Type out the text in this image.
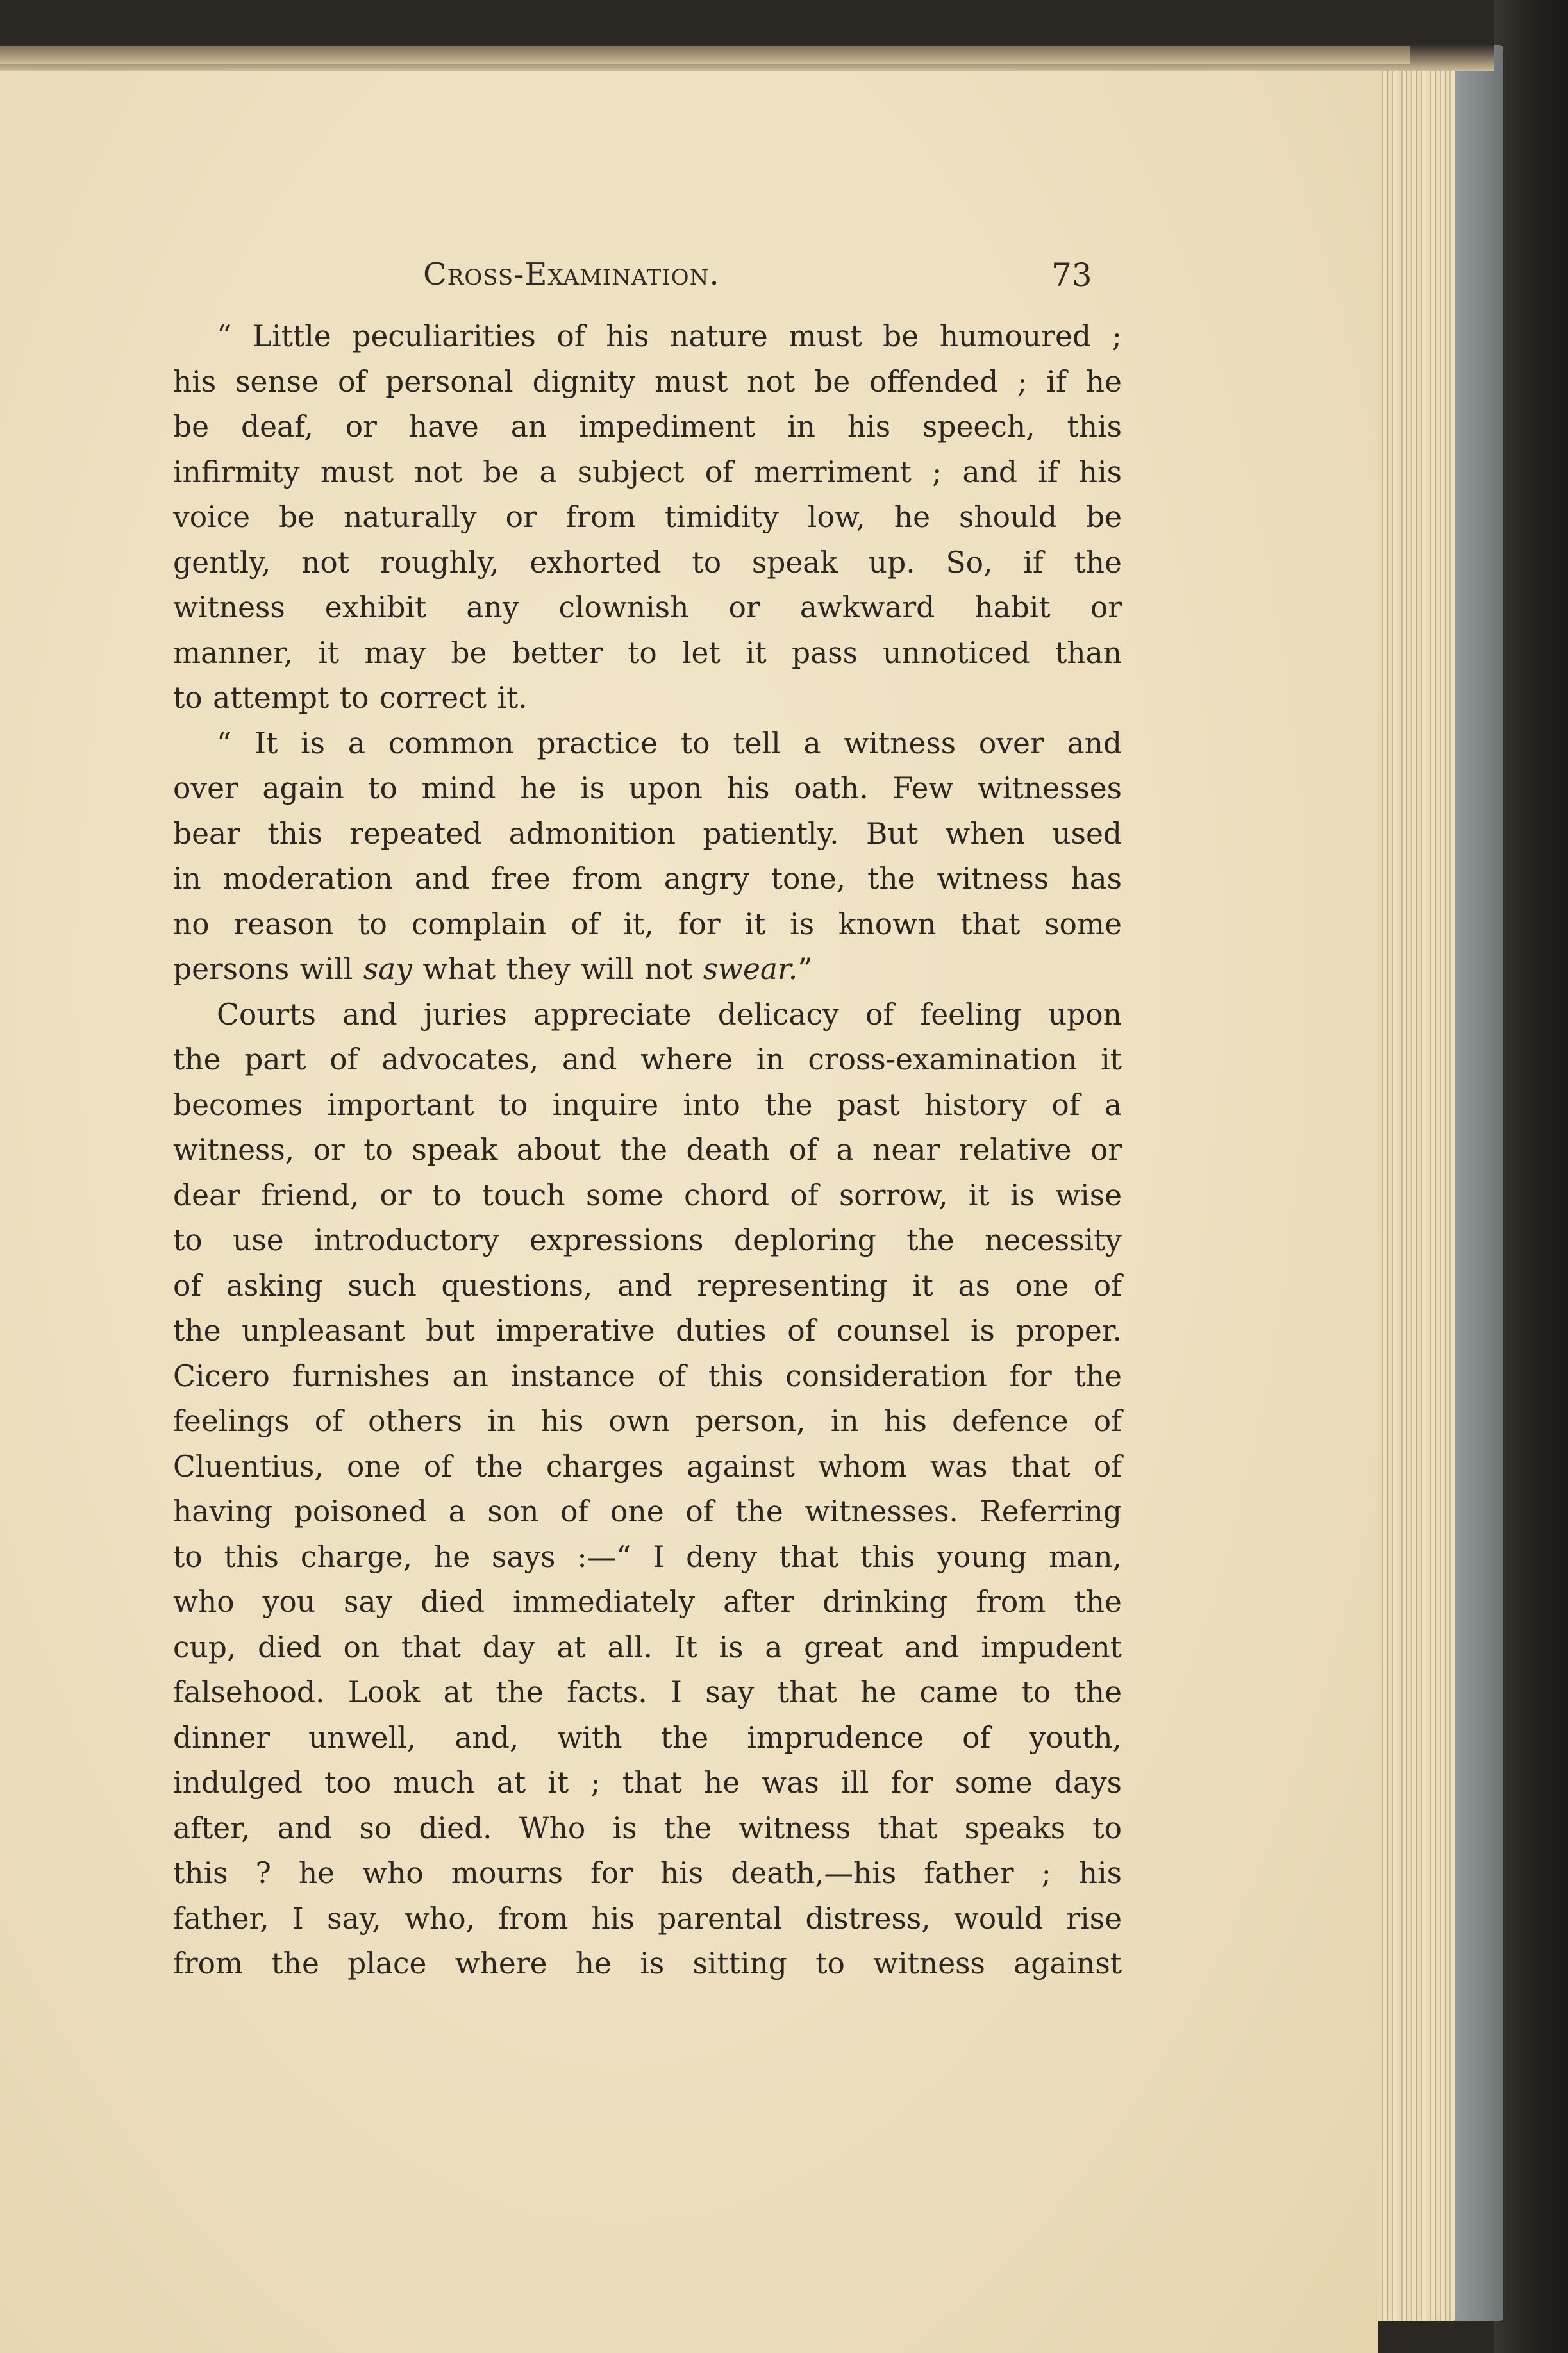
Cross-Examination.	73

“ Little peculiarities of his nature must be humoured ;
his sense of personal dignity must not be offended ; if he
be deaf, or have an impediment in his speech, this
infirmity must not be a subject of merriment ; and if his
voice be naturally or from timidity low, he should be
gently, not roughly, exhorted to speak up. So, if the
witness exhibit any clownish or awkward habit or
manner, it may be better to let it pass unnoticed than
to attempt to correct it.

“ It is a common practice to tell a witness over and
over again to mind he is upon his oath. Few witnesses
bear this repeated admonition patiently. But when used
in moderation and free from angry tone, the witness has
no reason to complain of it, for it is known that some
persons will say what they will not swear.”

Courts and juries appreciate delicacy of feeling upon
the part of advocates, and where in cross-examination it
becomes important to inquire into the past history of a
witness, or to speak about the death of a near relative or
dear friend, or to touch some chord of sorrow, it is wise
to use introductory expressions deploring the necessity
of asking such questions, and representing it as one of
the unpleasant but imperative duties of counsel is proper.
Cicero furnishes an instance of this consideration for the
feelings of others in his own person, in his defence of
Cluentius, one of the charges against whom was that of
having poisoned a son of one of the witnesses. Referring
to this charge, he says :—“ I deny that this young man,
who you say died immediately after drinking from the
cup, died on that day at all. It is a great and impudent
falsehood. Look at the facts. I say that he came to the
dinner unwell, and, with the imprudence of youth,
indulged too much at it ; that he was ill for some days
after, and so died. Who is the witness that speaks to
this ? he who mourns for his death,—his father ; his
father, I say, who, from his parental distress, would rise
from the place where he is sitting to witness against
